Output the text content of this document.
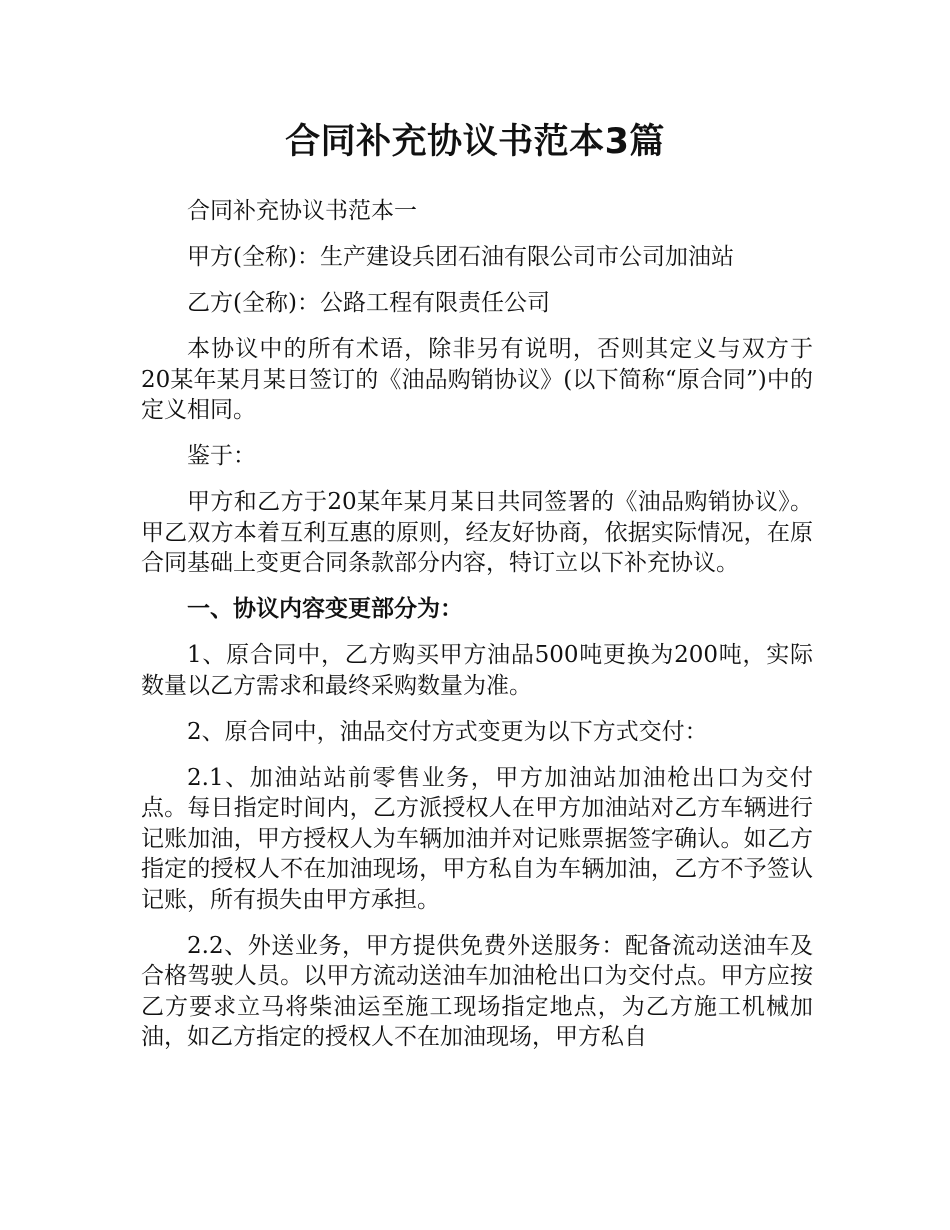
合同补充协议书范本3篇

合同补充协议书范本一

甲方(全称)：生产建设兵团石油有限公司市公司加油站

乙方(全称)：公路工程有限责任公司

本协议中的所有术语，除非另有说明，否则其定义与双方于20某年某月某日签订的《油品购销协议》(以下简称“原合同”)中的定义相同。

鉴于：

甲方和乙方于20某年某月某日共同签署的《油品购销协议》。甲乙双方本着互利互惠的原则，经友好协商，依据实际情况，在原合同基础上变更合同条款部分内容，特订立以下补充协议。

一、协议内容变更部分为：

1、原合同中，乙方购买甲方油品500吨更换为200吨，实际数量以乙方需求和最终采购数量为准。

2、原合同中，油品交付方式变更为以下方式交付：

2.1、加油站站前零售业务，甲方加油站加油枪出口为交付点。每日指定时间内，乙方派授权人在甲方加油站对乙方车辆进行记账加油，甲方授权人为车辆加油并对记账票据签字确认。如乙方指定的授权人不在加油现场，甲方私自为车辆加油，乙方不予签认记账，所有损失由甲方承担。

2.2、外送业务，甲方提供免费外送服务：配备流动送油车及合格驾驶人员。以甲方流动送油车加油枪出口为交付点。甲方应按乙方要求立马将柴油运至施工现场指定地点，为乙方施工机械加油，如乙方指定的授权人不在加油现场，甲方私自
